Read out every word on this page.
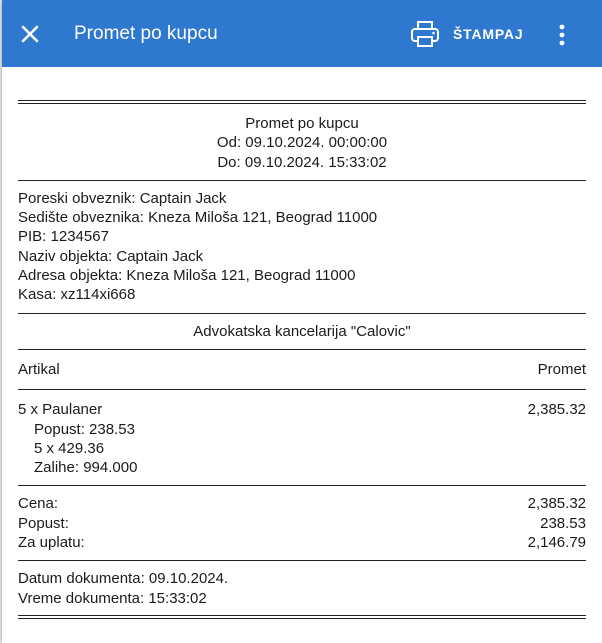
Promet po kupcu	ŠTAMPAJ
Promet po kupcu
Od: 09.10.2024. 00:00:00
Do: 09.10.2024. 15:33:02
Poreski obveznik: Captain Jack
Sedište obveznika: Kneza Miloša 121, Beograd 11000
PIB: 1234567
Naziv objekta: Captain Jack
Adresa objekta: Kneza Miloša 121, Beograd 11000
Kasa: xz114xi668
Advokatska kancelarija "Calovic"
Artikal	Promet
5 x Paulaner	2,385.32
Popust: 238.53
5 x 429.36
Zalihe: 994.000
Cena:	2,385.32
Popust:	238.53
Za uplatu:	2,146.79
Datum dokumenta: 09.10.2024.
Vreme dokumenta: 15:33:02
